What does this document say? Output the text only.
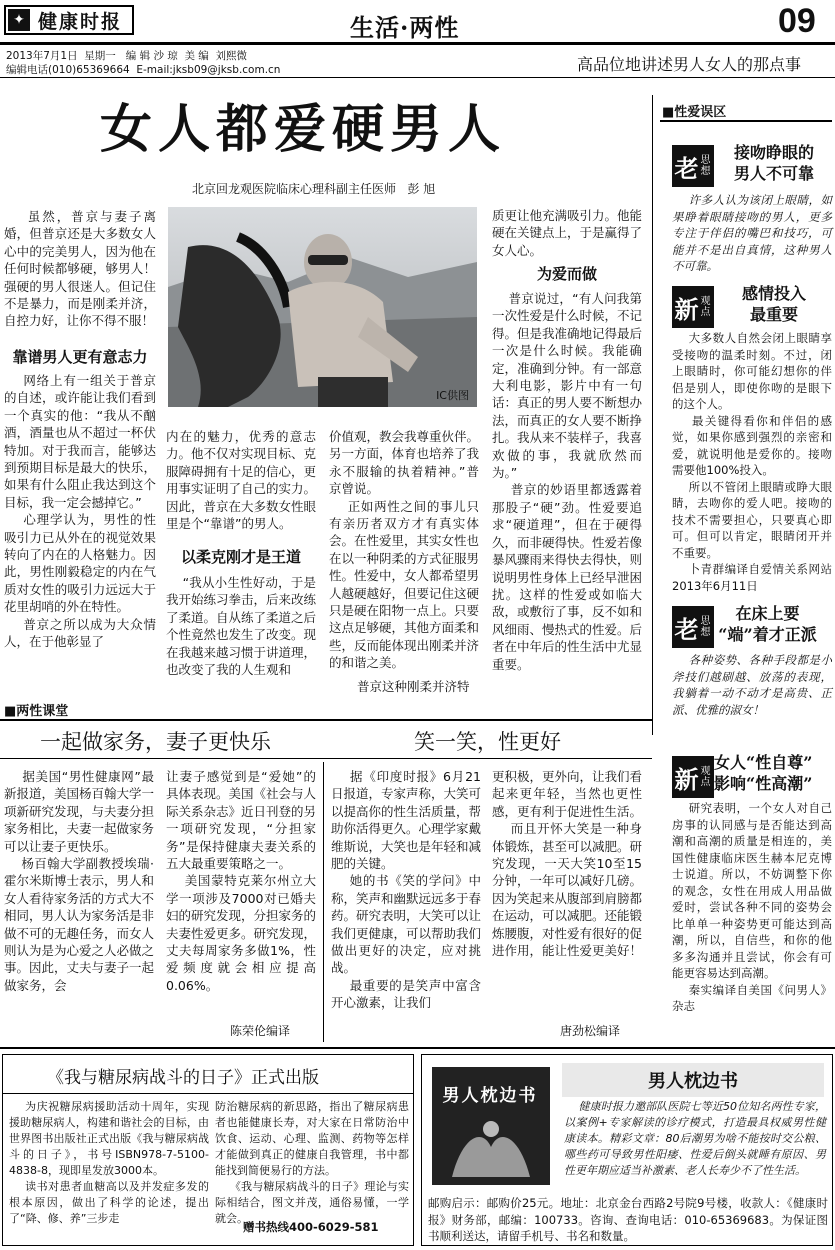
✦ 健康时报	生活·两性	09
2013年7月1日  星期一   编 辑 沙 琼  美 编  刘熙微
编辑电话(010)65369664  E-mail:jksb09@jksb.com.cn	高品位地讲述男人女人的那点事
女人都爱硬男人
北京回龙观医院临床心理科副主任医师   彭 旭
虽然，普京与妻子离婚，但普京还是大多数女人心中的完美男人，因为他在任何时候都够硬，够男人！强硬的男人很迷人。但记住不是暴力，而是刚柔并济，自控力好，让你不得不服！
靠谱男人更有意志力
网络上有一组关于普京的自述，或许能让我们看到一个真实的他：“我从不酗酒，酒量也从不超过一杯伏特加。对于我而言，能够达到预期目标是最大的快乐，如果有什么阻止我达到这个目标，我一定会撼掉它。”
心理学认为，男性的性吸引力已从外在的视觉效果转向了内在的人格魅力。因此，男性刚毅稳定的内在气质对女性的吸引力远远大于花里胡哨的外在特性。
普京之所以成为大众情人，在于他彰显了
IC供图
内在的魅力，优秀的意志力。他不仅对实现目标、克服障碍拥有十足的信心，更用事实证明了自己的实力。因此，普京在大多数女性眼里是个“靠谱”的男人。
以柔克刚才是王道
“我从小生性好动，于是我开始练习拳击，后来改练了柔道。自从练了柔道之后个性竟然也发生了改变。现在我越来越习惯于讲道理，也改变了我的人生观和
价值观，教会我尊重伙伴。另一方面，体育也培养了我永不服输的执着精神。”普京曾说。
正如两性之间的事儿只有亲历者双方才有真实体会。在性爱里，其实女性也在以一种阴柔的方式征服男性。性爱中，女人都希望男人越硬越好，但要记住这硬只是硬在阳物一点上。只要这点足够硬，其他方面柔和些，反而能体现出刚柔并济的和谐之美。
普京这种刚柔并济特
质更让他充满吸引力。他能硬在关键点上，于是赢得了女人心。
为爱而做
普京说过，“有人问我第一次性爱是什么时候，不记得。但是我准确地记得最后一次是什么时候。我能确定，准确到分钟。有一部意大利电影，影片中有一句话：真正的男人要不断想办法，而真正的女人要不断挣扎。我从来不装样子，我喜欢做的事，我就欣然而为。”
普京的妙语里都透露着那股子“硬”劲。性爱要追求“硬道理”，但在于硬得久，而非硬得快。性爱若像暴风骤雨来得快去得快，则说明男性身体上已经早泄困扰。这样的性爱或如临大敌，或敷衍了事，反不如和风细雨、慢热式的性爱。后者在中年后的性生活中尤显重要。
■性爱误区
老 思想
接吻睁眼的
男人不可靠
许多人认为该闭上眼睛，如果睁着眼睛接吻的男人，更多专注于伴侣的嘴巴和技巧，可能并不是出自真情，这种男人不可靠。
新 观点
感情投入
最重要
大多数人自然会闭上眼睛享受接吻的温柔时刻。不过，闭上眼睛时，你可能幻想你的伴侣是别人，即使你吻的是眼下的这个人。
最关键得看你和伴侣的感觉，如果你感到强烈的亲密和爱，就说明他是爱你的。接吻需要他100%投入。
所以不管闭上眼睛或睁大眼睛，去吻你的爱人吧。接吻的技术不需要担心，只要真心即可。但可以肯定，眼睛闭开并不重要。
卜青群编译自爱情关系网站2013年6月11日
老 思想
在床上要
“端”着才正派
各种姿势、各种手段都是小斧技们越刷越、放荡的表现，我躺着一动不动才是高贵、正派、优雅的淑女！
新 观点
女人“性自尊”
影响“性高潮”
研究表明，一个女人对自己房事的认同感与是否能达到高潮和高潮的质量是相连的，美国性健康临床医生赫本尼克博士说道。所以，不妨调整下你的观念，女性在用成人用品做爱时，尝试各种不同的姿势会比单单一种姿势更可能达到高潮，所以，自信些，和你的他多多沟通并且尝试，你会有可能更容易达到高潮。
秦实编译自美国《问男人》杂志
■两性课堂
一起做家务，妻子更快乐	笑一笑，性更好
据美国“男性健康网”最新报道，美国杨百翰大学一项新研究发现，与夫妻分担家务相比，夫妻一起做家务可以让妻子更快乐。
杨百翰大学副教授埃瑞·霍尔米斯博士表示，男人和女人看待家务活的方式大不相同，男人认为家务活是非做不可的无趣任务，而女人则认为是为心爱之人必做之事。因此，丈夫与妻子一起做家务，会
让妻子感觉到是“爱她”的具体表现。美国《社会与人际关系杂志》近日刊登的另一项研究发现，“分担家务”是保持健康夫妻关系的五大最重要策略之一。
美国蒙特克莱尔州立大学一项涉及7000对已婚夫妇的研究发现，分担家务的夫妻性爱更多。研究发现，丈夫每周家务多做1%，性爱频度就会相应提高0.06%。
陈荣伦编译
据《印度时报》6月21日报道，专家声称，大笑可以提高你的性生活质量，帮助你活得更久。心理学家戴维斯说，大笑也是年轻和减肥的关键。
她的书《笑的学问》中称，笑声和幽默远远多于春药。研究表明，大笑可以让我们更健康，可以帮助我们做出更好的决定，应对挑战。
最重要的是笑声中富含开心激素，让我们
更积极，更外向，让我们看起来更年轻，当然也更性感，更有利于促进性生活。
而且开怀大笑是一种身体锻炼，甚至可以减肥。研究发现，一天大笑10至15分钟，一年可以减好几磅。因为笑起来从腹部到肩膀都在运动，可以减肥。还能锻炼腰腹，对性爱有很好的促进作用，能让性爱更美好！
唐劲松编译
《我与糖尿病战斗的日子》正式出版
为庆祝糖尿病援助活动十周年，实现援助糖尿病人，构建和谐社会的目标，由世界图书出版社正式出版《我与糖尿病战斗的日子》，书号ISBN978-7-5100-4838-8，现即星发放3000本。
读书对患者血糖高以及并发症多发的根本原因，做出了科学的论述，提出了“降、修、养”三步走
防治糖尿病的新思路，指出了糖尿病患者也能健康长寿，对大家在日常防治中饮食、运动、心理、监测、药物等怎样才能做到真正的健康自我管理，书中都能找到简便易行的方法。
《我与糖尿病战斗的日子》理论与实际相结合，图文并茂，通俗易懂，一学就会。
赠书热线400-6029-581
男人枕边书
男人枕边书
健康时报力邀部队医院七等近50位知名两性专家，以案例+专家解读的诊疗模式，打造最具权威男性健康读本。精彩文章：80后潮男为啥不能按时交公粮、哪些药可导致男性阳痿、性爱后倒头就睡有原因、男性更年期应适当补激素、老人长寿少不了性生活。
邮购启示：邮购价25元。地址：北京金台西路2号院9号楼，收款人：《健康时报》财务部，邮编：100733。咨询、查询电话：010-65369683。为保证图书顺利送达，请留手机号、书名和数量。
